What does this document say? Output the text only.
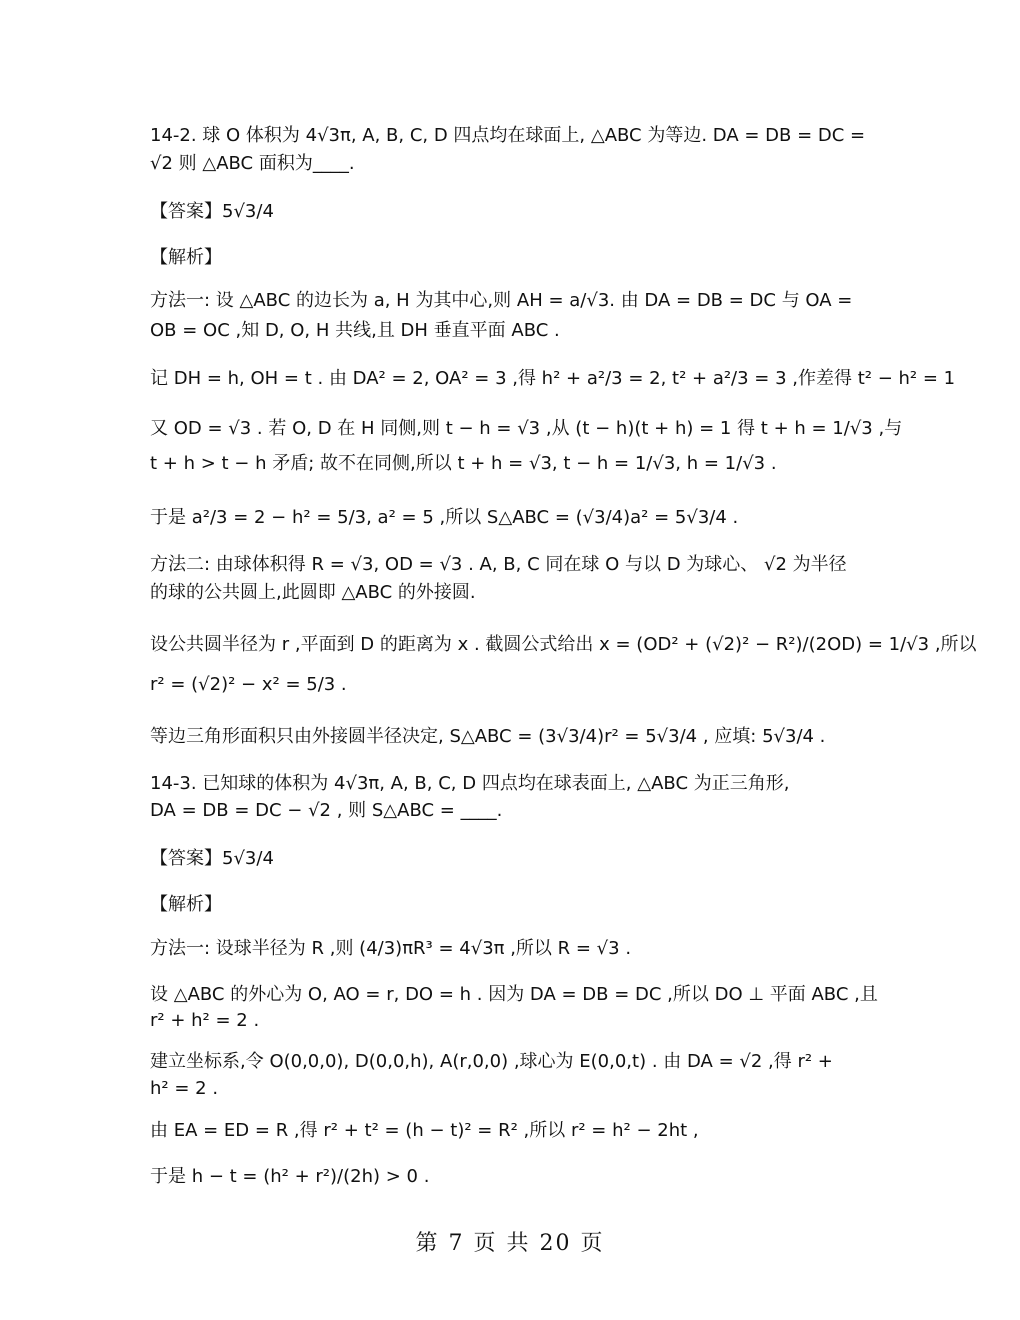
14-2. 球 O 体积为 4√3π, A, B, C, D 四点均在球面上, △ABC 为等边. DA = DB = DC =
√2 则 △ABC 面积为____.
【答案】5√3/4
【解析】
方法一: 设 △ABC 的边长为 a, H 为其中心,则 AH = a/√3. 由 DA = DB = DC 与 OA =
OB = OC ,知 D, O, H 共线,且 DH 垂直平面 ABC .
记 DH = h, OH = t . 由 DA² = 2, OA² = 3 ,得 h² + a²/3 = 2, t² + a²/3 = 3 ,作差得 t² − h² = 1
又 OD = √3 . 若 O, D 在 H 同侧,则 t − h = √3 ,从 (t − h)(t + h) = 1 得 t + h = 1/√3 ,与
t + h > t − h 矛盾; 故不在同侧,所以 t + h = √3, t − h = 1/√3, h = 1/√3 .
于是 a²/3 = 2 − h² = 5/3, a² = 5 ,所以 S△ABC = (√3/4)a² = 5√3/4 .
方法二: 由球体积得 R = √3, OD = √3 . A, B, C 同在球 O 与以 D 为球心、 √2 为半径
的球的公共圆上,此圆即 △ABC 的外接圆.
设公共圆半径为 r ,平面到 D 的距离为 x . 截圆公式给出 x = (OD² + (√2)² − R²)/(2OD) = 1/√3 ,所以
r² = (√2)² − x² = 5/3 .
等边三角形面积只由外接圆半径决定, S△ABC = (3√3/4)r² = 5√3/4 , 应填: 5√3/4 .
14-3. 已知球的体积为 4√3π, A, B, C, D 四点均在球表面上, △ABC 为正三角形,
DA = DB = DC − √2 , 则 S△ABC = ____.
【答案】5√3/4
【解析】
方法一: 设球半径为 R ,则 (4/3)πR³ = 4√3π ,所以 R = √3 .
设 △ABC 的外心为 O, AO = r, DO = h . 因为 DA = DB = DC ,所以 DO ⊥ 平面 ABC ,且
r² + h² = 2 .
建立坐标系,令 O(0,0,0), D(0,0,h), A(r,0,0) ,球心为 E(0,0,t) . 由 DA = √2 ,得 r² +
h² = 2 .
由 EA = ED = R ,得 r² + t² = (h − t)² = R² ,所以 r² = h² − 2ht ,
于是 h − t = (h² + r²)/(2h) > 0 .
第 7 页 共 20 页
